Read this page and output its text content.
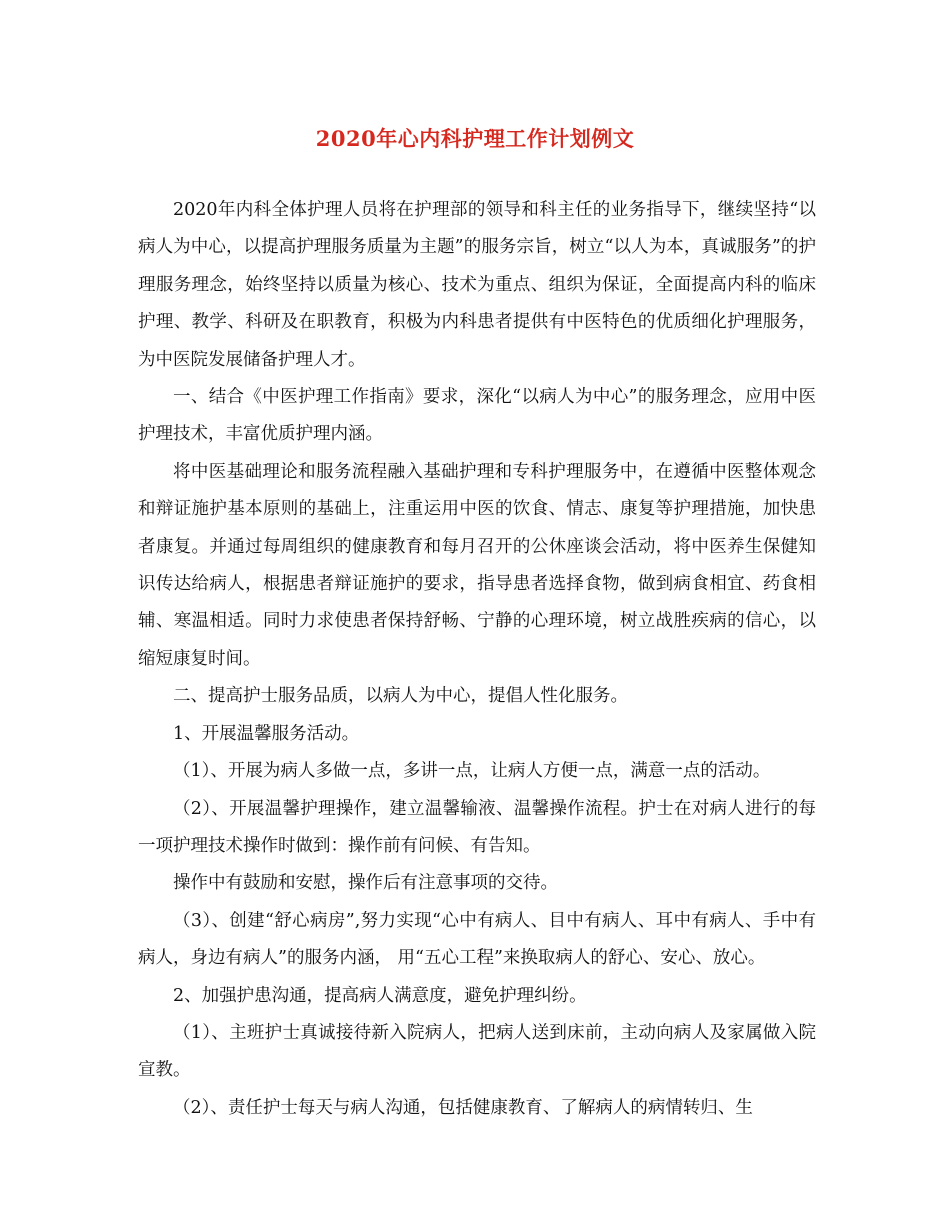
2020年心内科护理工作计划例文

2020年内科全体护理人员将在护理部的领导和科主任的业务指导下，继续坚持“以病人为中心，以提高护理服务质量为主题”的服务宗旨，树立“以人为本，真诚服务”的护理服务理念，始终坚持以质量为核心、技术为重点、组织为保证，全面提高内科的临床护理、教学、科研及在职教育，积极为内科患者提供有中医特色的优质细化护理服务，为中医院发展储备护理人才。

一、结合《中医护理工作指南》要求，深化“以病人为中心”的服务理念，应用中医护理技术，丰富优质护理内涵。

将中医基础理论和服务流程融入基础护理和专科护理服务中，在遵循中医整体观念和辩证施护基本原则的基础上，注重运用中医的饮食、情志、康复等护理措施，加快患者康复。并通过每周组织的健康教育和每月召开的公休座谈会活动，将中医养生保健知识传达给病人，根据患者辩证施护的要求，指导患者选择食物，做到病食相宜、药食相辅、寒温相适。同时力求使患者保持舒畅、宁静的心理环境，树立战胜疾病的信心，以缩短康复时间。

二、提高护士服务品质，以病人为中心，提倡人性化服务。

1、开展温馨服务活动。

（1）、开展为病人多做一点，多讲一点，让病人方便一点，满意一点的活动。

（2）、开展温馨护理操作，建立温馨输液、温馨操作流程。护士在对病人进行的每一项护理技术操作时做到：操作前有问候、有告知。

操作中有鼓励和安慰，操作后有注意事项的交待。

（3）、创建“舒心病房”,努力实现“心中有病人、目中有病人、耳中有病人、手中有病人，身边有病人”的服务内涵， 用“五心工程”来换取病人的舒心、安心、放心。

2、加强护患沟通，提高病人满意度，避免护理纠纷。

（1）、主班护士真诚接待新入院病人，把病人送到床前，主动向病人及家属做入院宣教。

（2）、责任护士每天与病人沟通，包括健康教育、了解病人的病情转归、生
